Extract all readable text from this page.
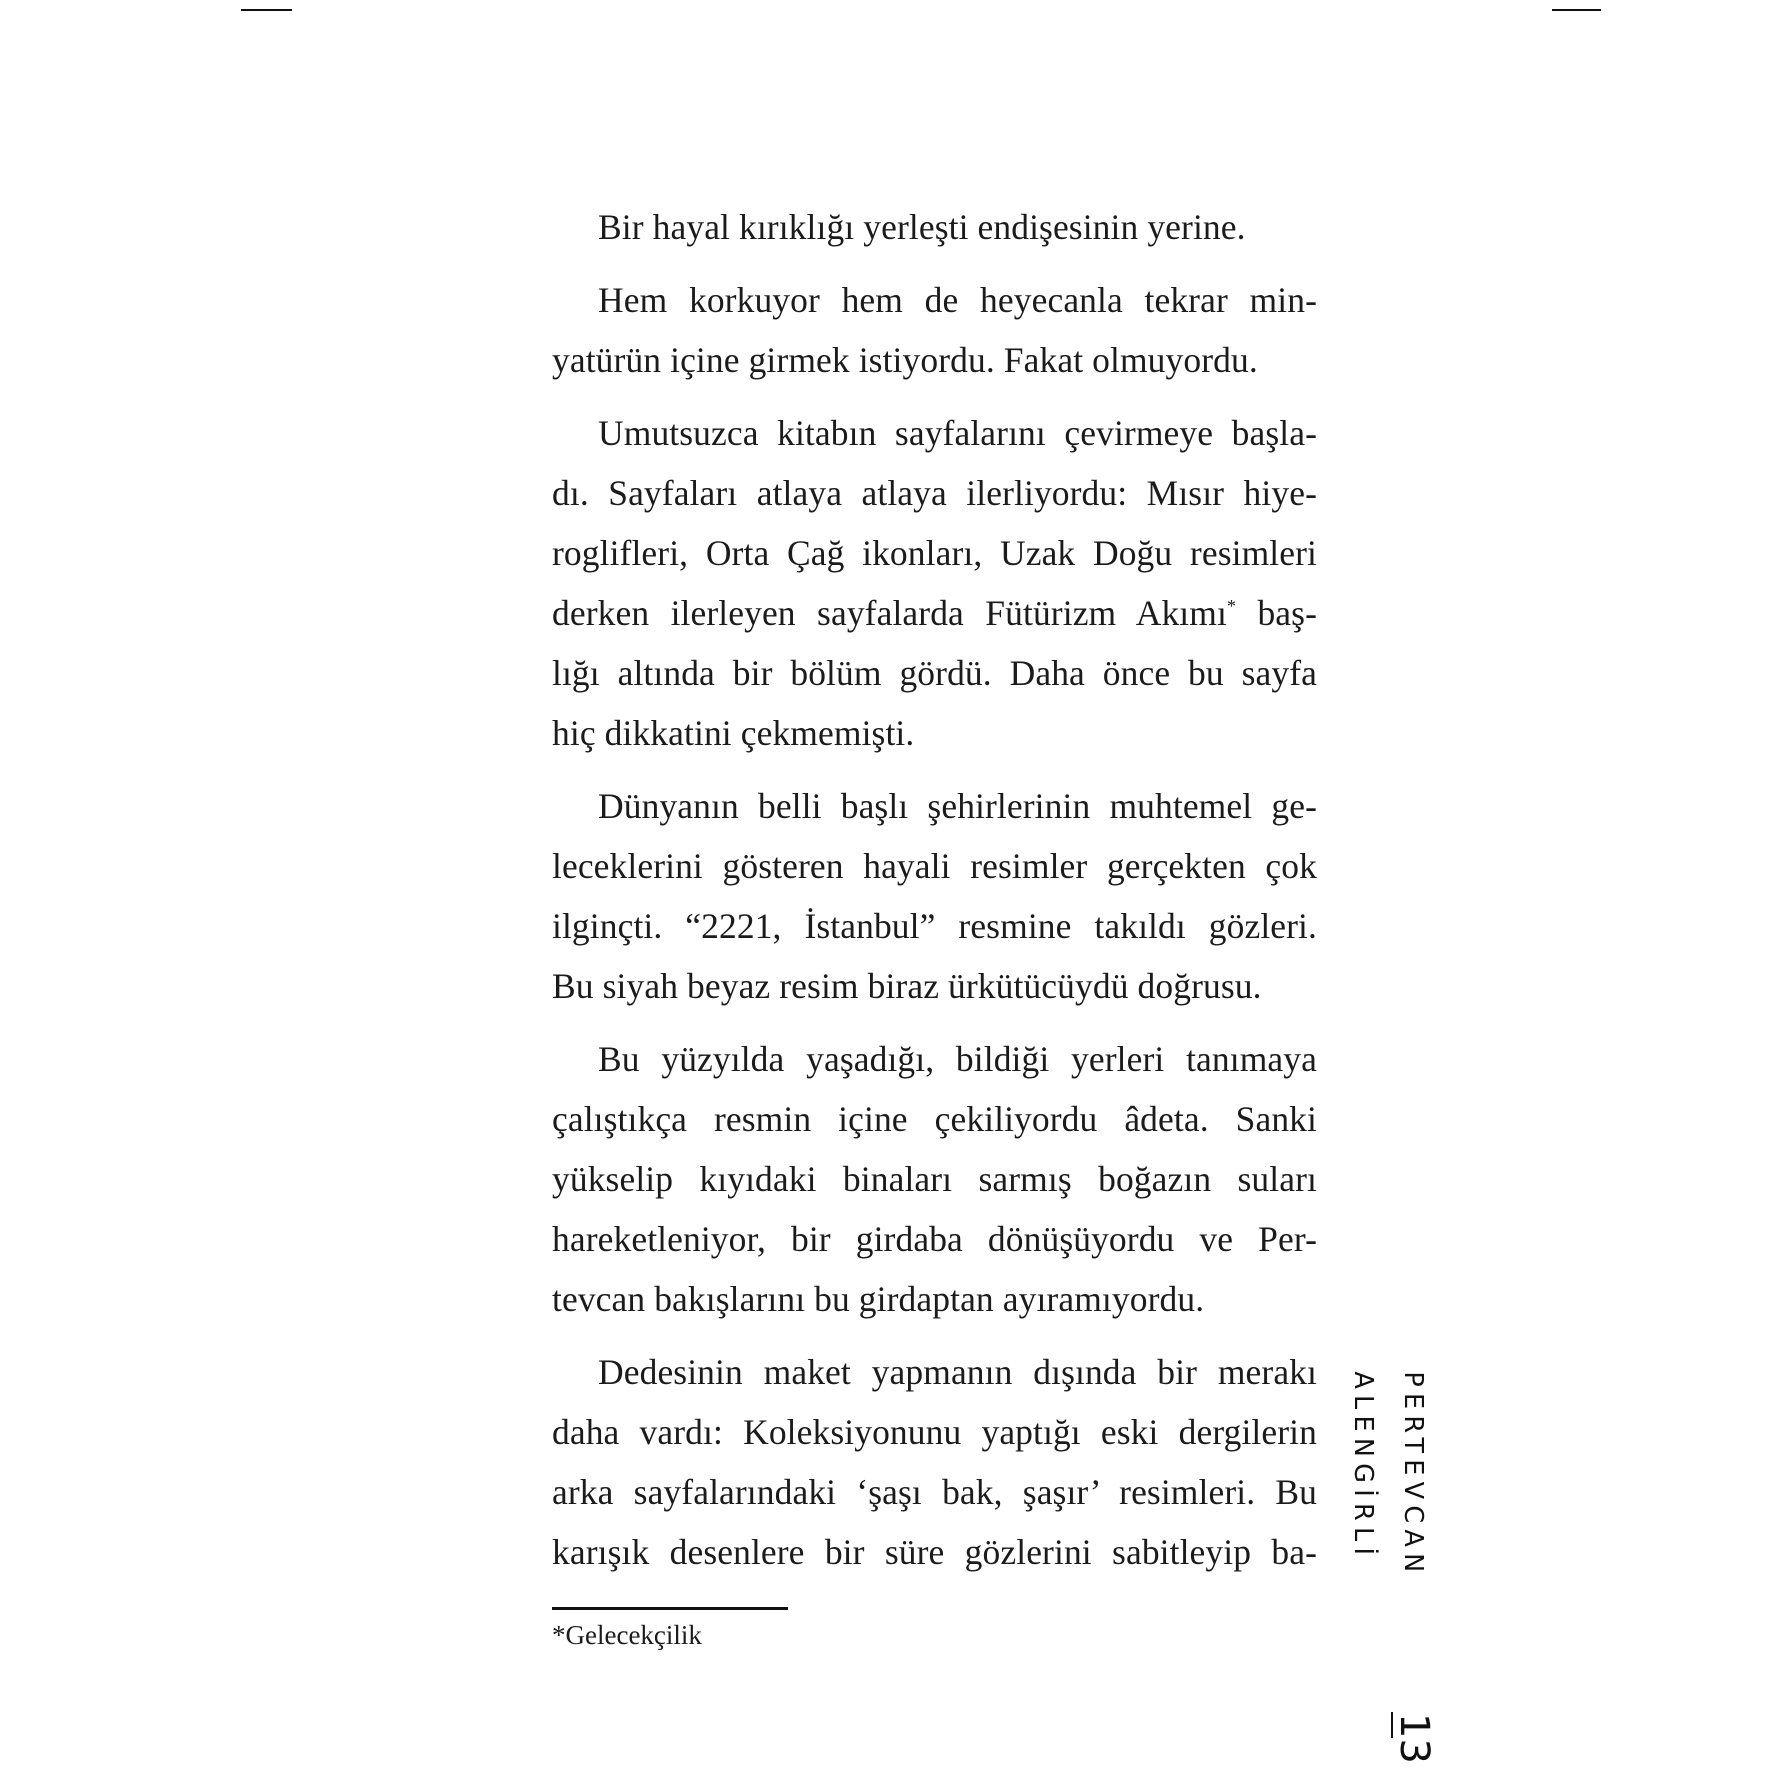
Bir hayal kırıklığı yerleşti endişesinin yerine.
Hem korkuyor hem de heyecanla tekrar min-
yatürün içine girmek istiyordu. Fakat olmuyordu.
Umutsuzca kitabın sayfalarını çevirmeye başla-
dı. Sayfaları atlaya atlaya ilerliyordu: Mısır hiye-
roglifleri, Orta Çağ ikonları, Uzak Doğu resimleri
derken ilerleyen sayfalarda Fütürizm Akımı* baş-
lığı altında bir bölüm gördü. Daha önce bu sayfa
hiç dikkatini çekmemişti.
Dünyanın belli başlı şehirlerinin muhtemel ge-
leceklerini gösteren hayali resimler gerçekten çok
ilginçti. “2221, İstanbul” resmine takıldı gözleri.
Bu siyah beyaz resim biraz ürkütücüydü doğrusu.
Bu yüzyılda yaşadığı, bildiği yerleri tanımaya
çalıştıkça resmin içine çekiliyordu âdeta. Sanki
yükselip kıyıdaki binaları sarmış boğazın suları
hareketleniyor, bir girdaba dönüşüyordu ve Per-
tevcan bakışlarını bu girdaptan ayıramıyordu.
Dedesinin maket yapmanın dışında bir merakı
daha vardı: Koleksiyonunu yaptığı eski dergilerin
arka sayfalarındaki ‘şaşı bak, şaşır’ resimleri. Bu
karışık desenlere bir süre gözlerini sabitleyip ba-
*Gelecekçilik
PERTEVCAN ALENGİRLİ
13
